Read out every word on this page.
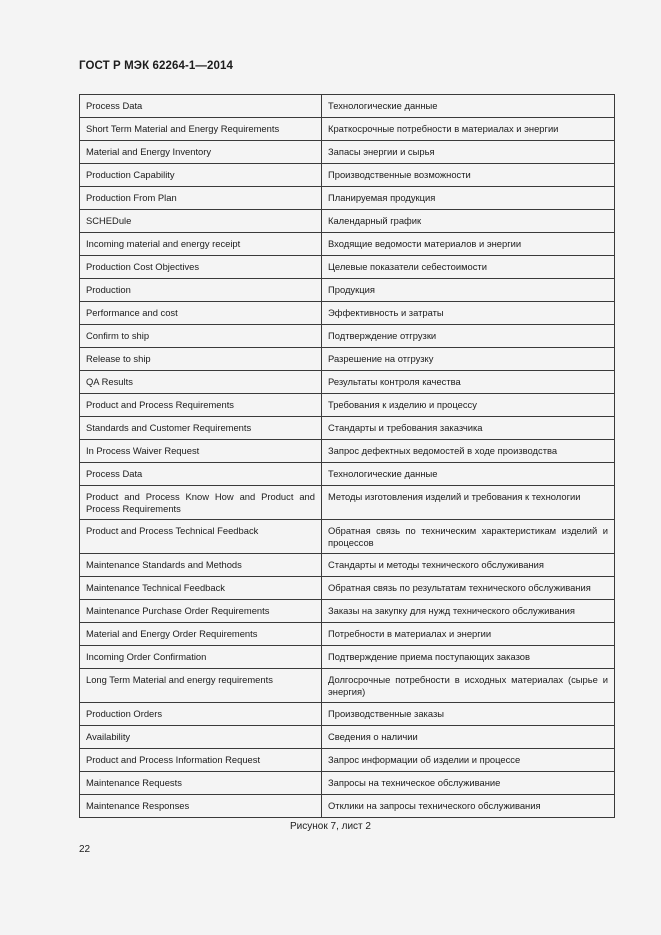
ГОСТ Р МЭК 62264-1—2014
Process Data	Технологические данные
Short Term Material and Energy Requirements	Краткосрочные потребности в материалах и энергии
Material and Energy Inventory	Запасы энергии и сырья
Production Capability	Производственные возможности
Production From Plan	Планируемая продукция
SCHEDule	Календарный график
Incoming material and energy receipt	Входящие ведомости материалов и энергии
Production Cost Objectives	Целевые показатели себестоимости
Production	Продукция
Performance and cost	Эффективность и затраты
Confirm to ship	Подтверждение отгрузки
Release to ship	Разрешение на отгрузку
QA Results	Результаты контроля качества
Product and Process Requirements	Требования к изделию и процессу
Standards and Customer Requirements	Стандарты и требования заказчика
In Process Waiver Request	Запрос дефектных ведомостей в ходе производства
Process Data	Технологические данные
Product and Process Know How and Product and Process Requirements	Методы изготовления изделий и требования к технологии
Product and Process Technical Feedback	Обратная связь по техническим характеристикам изделий и процессов
Maintenance Standards and Methods	Стандарты и методы технического обслуживания
Maintenance Technical Feedback	Обратная связь по результатам технического обслуживания
Maintenance Purchase Order Requirements	Заказы на закупку для нужд технического обслуживания
Material and Energy Order Requirements	Потребности в материалах и энергии
Incoming Order Confirmation	Подтверждение приема поступающих заказов
Long Term Material and energy requirements	Долгосрочные потребности в исходных материалах (сырье и энергия)
Production Orders	Производственные заказы
Availability	Сведения о наличии
Product and Process Information Request	Запрос информации об изделии и процессе
Maintenance Requests	Запросы на техническое обслуживание
Maintenance Responses	Отклики на запросы технического обслуживания
Рисунок 7, лист 2
22
